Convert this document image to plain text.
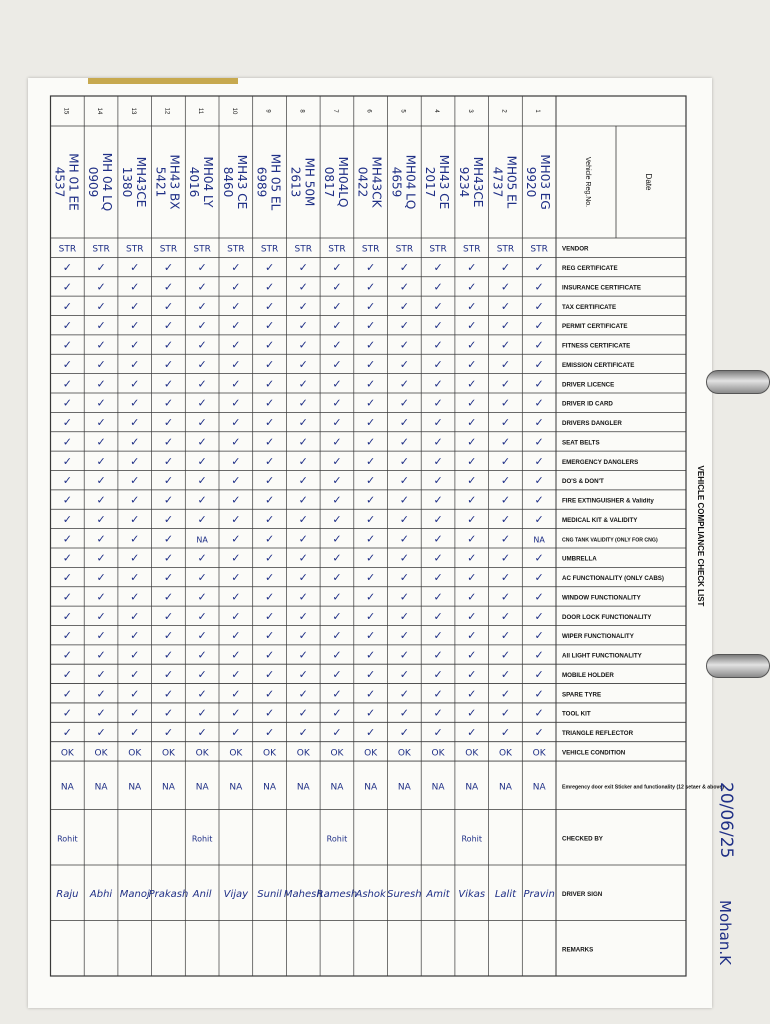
VEHICLE COMPLIANCE CHECK LIST
Date
Vehicle Reg.No.
VENDOR
REG CERTIFICATE
INSURANCE CERTIFICATE
TAX CERTIFICATE
PERMIT CERTIFICATE
FITNESS CERTIFICATE
EMISSION CERTIFICATE
DRIVER LICENCE
DRIVER ID CARD
DRIVERS DANGLER
SEAT BELTS
EMERGENCY DANGLERS
DO'S & DON'T
FIRE EXTINGUISHER & Validity
MEDICAL KIT & VALIDITY
CNG TANK VALIDITY (ONLY FOR CNG)
UMBRELLA
AC FUNCTIONALITY (ONLY CABS)
WINDOW FUNCTIONALITY
DOOR LOCK FUNCTIONALITY
WIPER FUNCTIONALITY
All LIGHT FUNCTIONALITY
MOBILE HOLDER
SPARE TYRE
TOOL KIT
TRIANGLE REFLECTOR
VEHICLE CONDITION
Emregency door exit Sticker and functionality (12 setaer & above)
CHECKED BY
DRIVER SIGN
REMARKS
1
MH03 EG
9920
STR
✓
✓
✓
✓
✓
✓
✓
✓
✓
✓
✓
✓
✓
✓
NA
✓
✓
✓
✓
✓
✓
✓
✓
✓
✓
OK
NA
Pravin
2
MH05 EL
4737
STR
✓
✓
✓
✓
✓
✓
✓
✓
✓
✓
✓
✓
✓
✓
✓
✓
✓
✓
✓
✓
✓
✓
✓
✓
✓
OK
NA
Lalit
3
MH43CE
9234
STR
✓
✓
✓
✓
✓
✓
✓
✓
✓
✓
✓
✓
✓
✓
✓
✓
✓
✓
✓
✓
✓
✓
✓
✓
✓
OK
NA
Rohit
Vikas
4
MH43 CE
2017
STR
✓
✓
✓
✓
✓
✓
✓
✓
✓
✓
✓
✓
✓
✓
✓
✓
✓
✓
✓
✓
✓
✓
✓
✓
✓
OK
NA
Amit
5
MH04 LQ
4659
STR
✓
✓
✓
✓
✓
✓
✓
✓
✓
✓
✓
✓
✓
✓
✓
✓
✓
✓
✓
✓
✓
✓
✓
✓
✓
OK
NA
Suresh
6
MH43CK
0422
STR
✓
✓
✓
✓
✓
✓
✓
✓
✓
✓
✓
✓
✓
✓
✓
✓
✓
✓
✓
✓
✓
✓
✓
✓
✓
OK
NA
Ashok
7
MH04LQ
0817
STR
✓
✓
✓
✓
✓
✓
✓
✓
✓
✓
✓
✓
✓
✓
✓
✓
✓
✓
✓
✓
✓
✓
✓
✓
✓
OK
NA
Rohit
Ramesh
8
MH 50M
2613
STR
✓
✓
✓
✓
✓
✓
✓
✓
✓
✓
✓
✓
✓
✓
✓
✓
✓
✓
✓
✓
✓
✓
✓
✓
✓
OK
NA
Mahesh
9
MH 05 EL
6989
STR
✓
✓
✓
✓
✓
✓
✓
✓
✓
✓
✓
✓
✓
✓
✓
✓
✓
✓
✓
✓
✓
✓
✓
✓
✓
OK
NA
Sunil
10
MH43 CE
8460
STR
✓
✓
✓
✓
✓
✓
✓
✓
✓
✓
✓
✓
✓
✓
✓
✓
✓
✓
✓
✓
✓
✓
✓
✓
✓
OK
NA
Vijay
11
MH04 LY
4016
STR
✓
✓
✓
✓
✓
✓
✓
✓
✓
✓
✓
✓
✓
✓
NA
✓
✓
✓
✓
✓
✓
✓
✓
✓
✓
OK
NA
Rohit
Anil
12
MH43 BX
5421
STR
✓
✓
✓
✓
✓
✓
✓
✓
✓
✓
✓
✓
✓
✓
✓
✓
✓
✓
✓
✓
✓
✓
✓
✓
✓
OK
NA
Prakash
13
MH43CE
1380
STR
✓
✓
✓
✓
✓
✓
✓
✓
✓
✓
✓
✓
✓
✓
✓
✓
✓
✓
✓
✓
✓
✓
✓
✓
✓
OK
NA
Manoj
14
MH 04 LQ
0909
STR
✓
✓
✓
✓
✓
✓
✓
✓
✓
✓
✓
✓
✓
✓
✓
✓
✓
✓
✓
✓
✓
✓
✓
✓
✓
OK
NA
Abhi
15
MH 01 EE
4537
STR
✓
✓
✓
✓
✓
✓
✓
✓
✓
✓
✓
✓
✓
✓
✓
✓
✓
✓
✓
✓
✓
✓
✓
✓
✓
OK
NA
Rohit
Raju
20/06/25
Mohan.K
